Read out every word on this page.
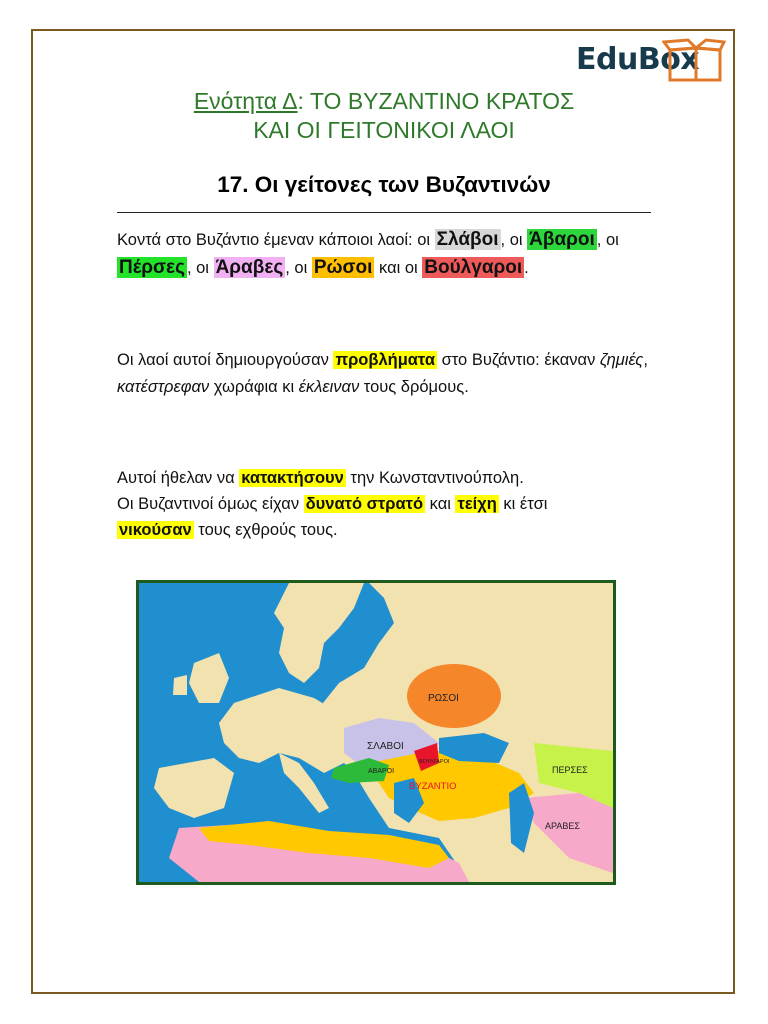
EduBox
Ενότητα Δ: ΤΟ ΒΥΖΑΝΤΙΝΟ ΚΡΑΤΟΣ
ΚΑΙ ΟΙ ΓΕΙΤΟΝΙΚΟΙ ΛΑΟΙ
17. Οι γείτονες των Βυζαντινών
Κοντά στο Βυζάντιο έμεναν κάποιοι λαοί: οι Σλάβοι , οι Άβαροι , οι Πέρσες , οι Άραβες , οι Ρώσοι και οι Βούλγαροι .
Οι λαοί αυτοί δημιουργούσαν προβλήματα στο Βυζάντιο: έκαναν ζημιές, κατέστρεφαν χωράφια κι έκλειναν τους δρόμους.
Αυτοί ήθελαν να κατακτήσουν την Κωνσταντινούπολη.
Οι Βυζαντινοί όμως είχαν δυνατό στρατό και τείχη κι έτσι
νικούσαν τους εχθρούς τους.
ΡΩΣΟΙ
ΣΛΑΒΟΙ
ΒΟΥΛΓΑΡΟΙ
ΑΒΑΡΟΙ
ΒΥΖΑΝΤΙΟ
ΠΕΡΣΕΣ
ΑΡΑΒΕΣ
